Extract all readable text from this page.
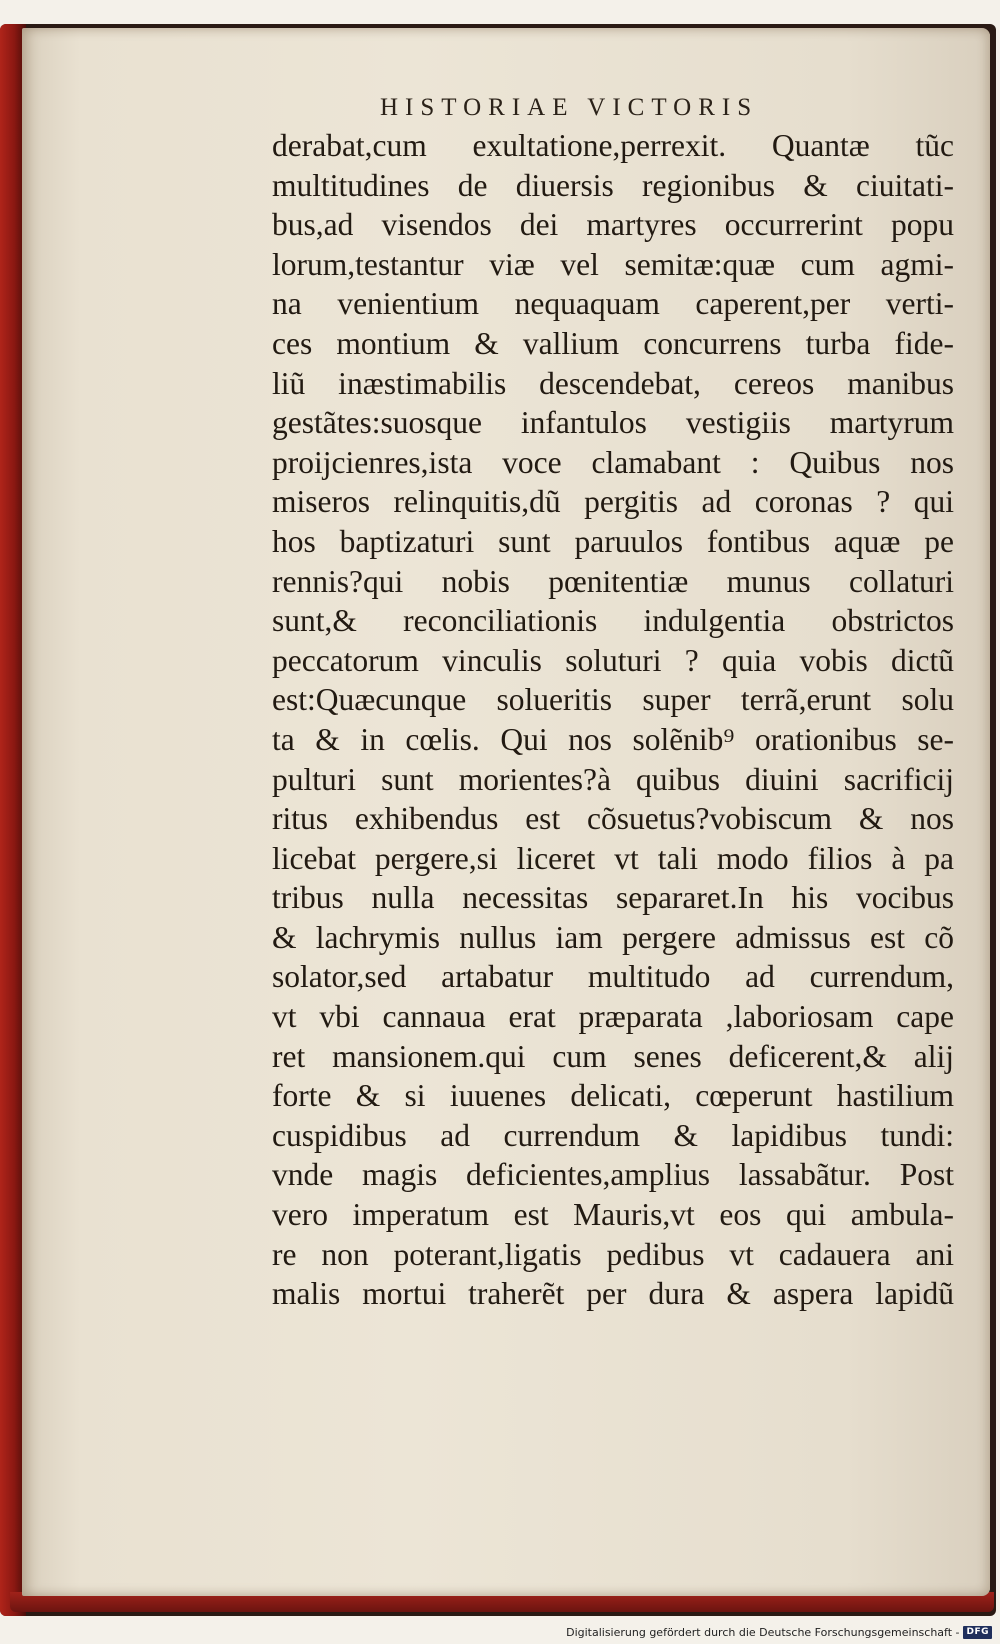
HISTORIAE VICTORIS
derabat,cum exultatione,perrexit. Quantæ tũc
multitudines de diuersis regionibus & ciuitati-
bus,ad visendos dei martyres occurrerint popu
lorum,testantur viæ vel semitæ:quæ cum agmi-
na venientium nequaquam caperent,per verti-
ces montium & vallium concurrens turba fide-
liũ inæstimabilis descendebat, cereos manibus
gestãtes:suosque infantulos vestigiis martyrum
proijcienres,ista voce clamabant : Quibus nos
miseros relinquitis,dũ pergitis ad coronas ? qui
hos baptizaturi sunt paruulos fontibus aquæ pe
rennis?qui nobis pœnitentiæ munus collaturi
sunt,& reconciliationis indulgentia obstrictos
peccatorum vinculis soluturi ? quia vobis dictũ
est:Quæcunque solueritis super terrã,erunt solu
ta & in cœlis. Qui nos solẽnib⁹ orationibus se-
pulturi sunt morientes?à quibus diuini sacrificij
ritus exhibendus est cõsuetus?vobiscum & nos
licebat pergere,si liceret vt tali modo filios à pa
tribus nulla necessitas separaret.In his vocibus
& lachrymis nullus iam pergere admissus est cõ
solator,sed artabatur multitudo ad currendum,
vt vbi cannaua erat præparata ,laboriosam cape
ret mansionem.qui cum senes deficerent,& alij
forte & si iuuenes delicati, cœperunt hastilium
cuspidibus ad currendum & lapidibus tundi:
vnde magis deficientes,amplius lassabãtur. Post
vero imperatum est Mauris,vt eos qui ambula-
re non poterant,ligatis pedibus vt cadauera ani
malis mortui traherẽt per dura & aspera lapidũ
Digitalisierung gefördert durch die Deutsche Forschungsgemeinschaft - DFG
